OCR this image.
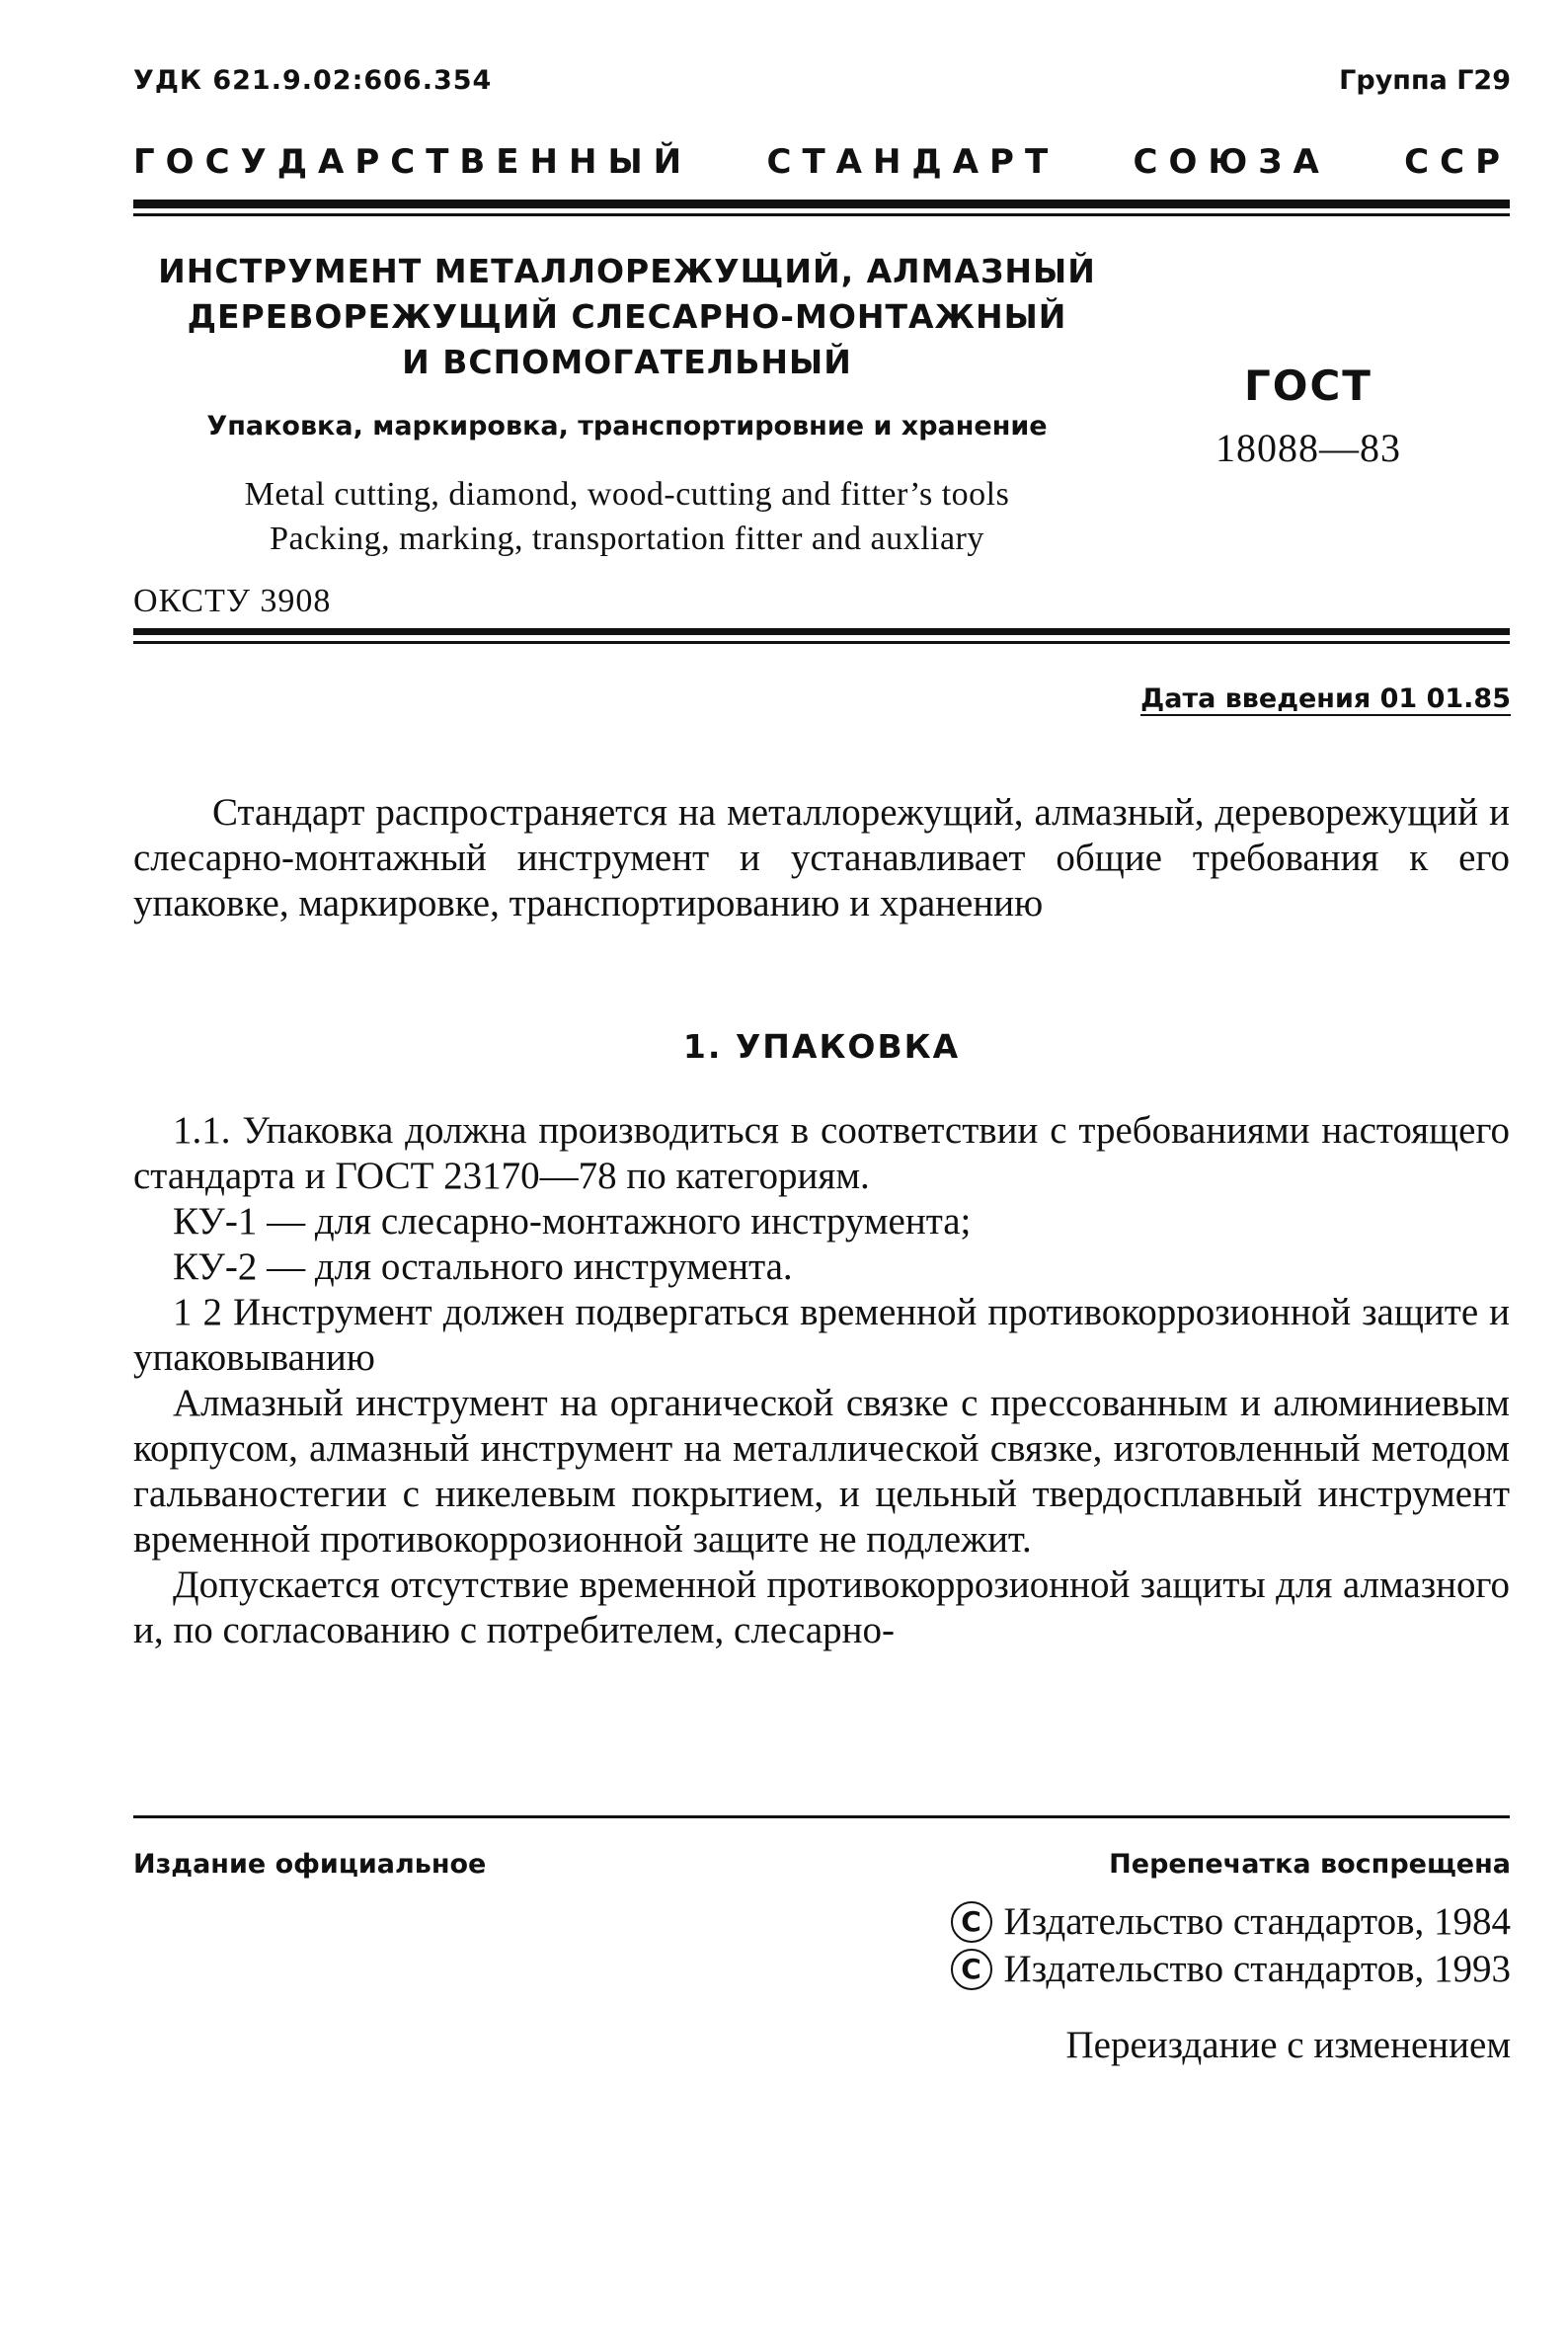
УДК 621.9.02:606.354	Группа Г29
ГОСУДАРСТВЕННЫЙ СТАНДАРТ СОЮЗА ССР
ИНСТРУМЕНТ МЕТАЛЛОРЕЖУЩИЙ, АЛМАЗНЫЙ
ДЕРЕВОРЕЖУЩИЙ СЛЕСАРНО-МОНТАЖНЫЙ
И ВСПОМОГАТЕЛЬНЫЙ
Упаковка, маркировка, транспортировние и хранение
Metal cutting, diamond, wood-cutting and fitter’s tools
Packing, marking, transportation fitter and auxliary
ОКСТУ 3908
ГОСТ
18088—83
Дата введения 01 01.85

Стандарт распространяется на металлорежущий, алмазный, дереворежущий и слесарно-монтажный инструмент и устанавливает общие требования к его упаковке, маркировке, транспортированию и хранению

1. УПАКОВКА

1.1. Упаковка должна производиться в соответствии с требованиями настоящего стандарта и ГОСТ 23170—78 по категориям.

КУ-1 — для слесарно-монтажного инструмента;

КУ-2 — для остального инструмента.

1 2 Инструмент должен подвергаться временной противокоррозионной защите и упаковыванию

Алмазный инструмент на органической связке с прессованным и алюминиевым корпусом, алмазный инструмент на металлической связке, изготовленный методом гальваностегии с никелевым покрытием, и цельный твердосплавный инструмент временной противокоррозионной защите не подлежит.

Допускается отсутствие временной противокоррозионной защиты для алмазного и, по согласованию с потребителем, слесарно-

Издание официальное	Перепечатка воспрещена
C Издательство стандартов, 1984
C Издательство стандартов, 1993
Переиздание с изменением
